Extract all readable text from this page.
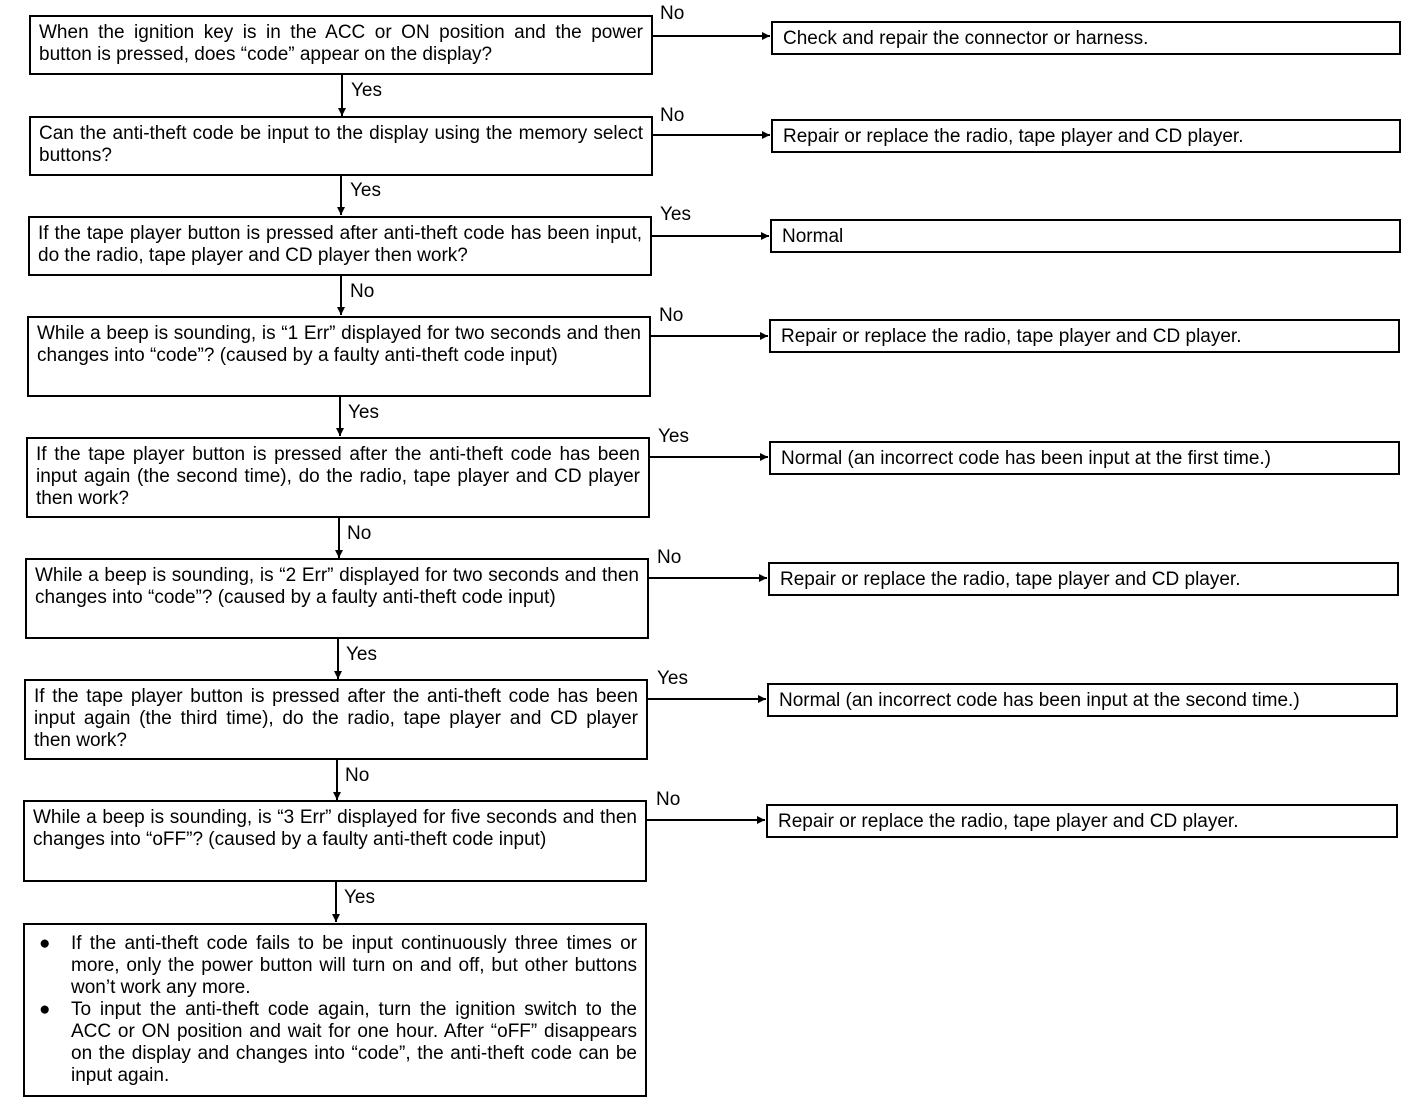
When the ignition key is in the ACC or ON position and the power button is pressed, does “code” appear on the display?
No
Check and repair the connector or harness.
Yes
Can the anti-theft code be input to the display using the memory select buttons?
No
Repair or replace the radio, tape player and CD player.
Yes
If the tape player button is pressed after anti-theft code has been input, do the radio, tape player and CD player then work?
Yes
Normal
No
While a beep is sounding, is “1 Err” displayed for two seconds and then changes into “code”? (caused by a faulty anti-theft code input)
No
Repair or replace the radio, tape player and CD player.
Yes
If the tape player button is pressed after the anti-theft code has been input again (the second time), do the radio, tape player and CD player then work?
Yes
Normal (an incorrect code has been input at the first time.)
No
While a beep is sounding, is “2 Err” displayed for two seconds and then changes into “code”? (caused by a faulty anti-theft code input)
No
Repair or replace the radio, tape player and CD player.
Yes
If the tape player button is pressed after the anti-theft code has been input again (the third time), do the radio, tape player and CD player then work?
Yes
Normal (an incorrect code has been input at the second time.)
No
While a beep is sounding, is “3 Err” displayed for five seconds and then changes into “oFF”? (caused by a faulty anti-theft code input)
No
Repair or replace the radio, tape player and CD player.
Yes
● If the anti-theft code fails to be input continuously three times or more, only the power button will turn on and off, but other buttons won’t work any more.
● To input the anti-theft code again, turn the ignition switch to the ACC or ON position and wait for one hour. After “oFF” disappears on the display and changes into “code”, the anti-theft code can be input again.
